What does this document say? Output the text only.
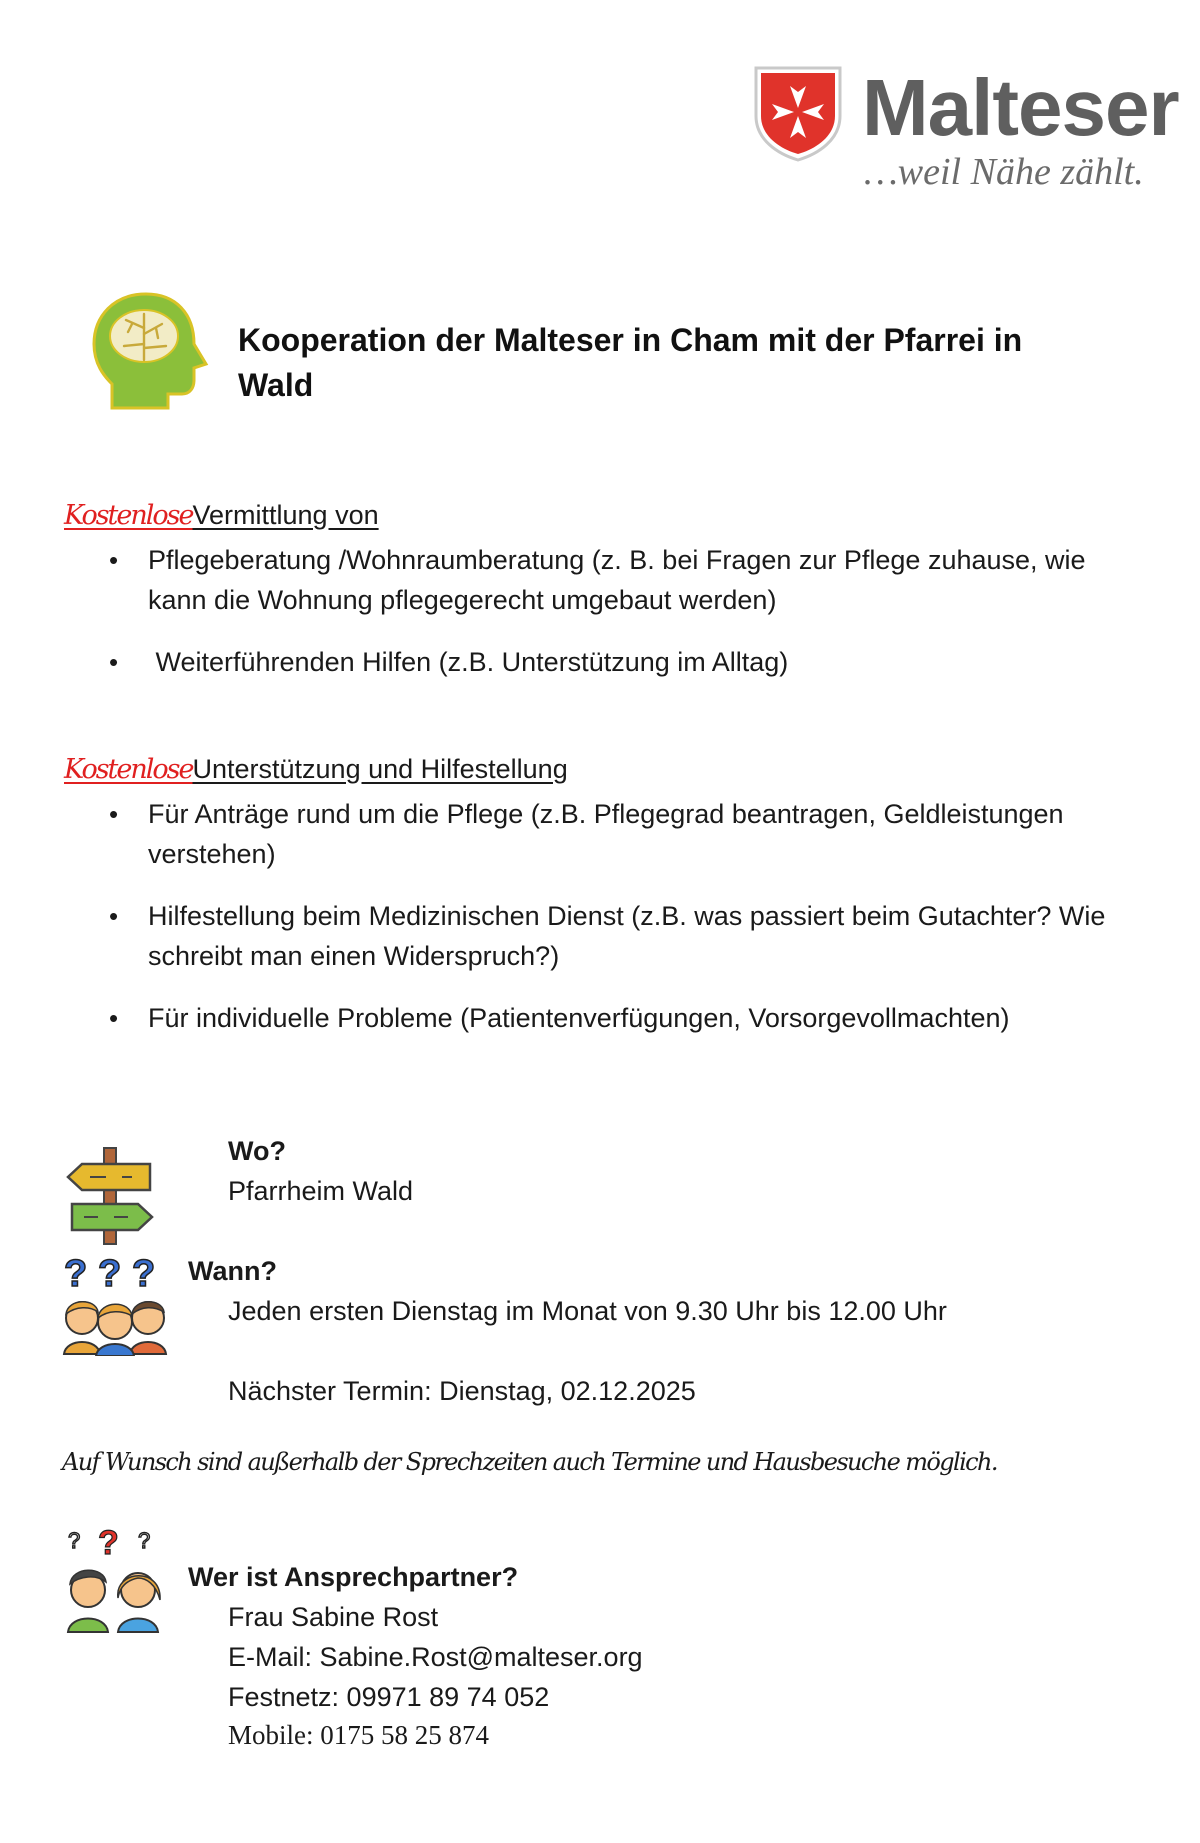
Malteser
…weil Nähe zählt.
Kooperation der Malteser in Cham mit der Pfarrei in Wald
KostenloseVermittlung von
• Pflegeberatung /Wohnraumberatung (z. B. bei Fragen zur Pflege zuhause, wie kann die Wohnung pflegegerecht umgebaut werden)
• Weiterführenden Hilfen (z.B. Unterstützung im Alltag)
KostenloseUnterstützung und Hilfestellung
• Für Anträge rund um die Pflege (z.B. Pflegegrad beantragen, Geldleistungen verstehen)
• Hilfestellung beim Medizinischen Dienst (z.B. was passiert beim Gutachter? Wie schreibt man einen Widerspruch?)
• Für individuelle Probleme (Patientenverfügungen, Vorsorgevollmachten)
Wo?
Pfarrheim Wald
? ? ? Wann?
Jeden ersten Dienstag im Monat von 9.30 Uhr bis 12.00 Uhr
Nächster Termin: Dienstag, 02.12.2025
Auf Wunsch sind außerhalb der Sprechzeiten auch Termine und Hausbesuche möglich.
?
?	?
Wer ist Ansprechpartner?
Frau Sabine Rost
E-Mail: Sabine.Rost@malteser.org
Festnetz: 09971 89 74 052
Mobile: 0175 58 25 874
